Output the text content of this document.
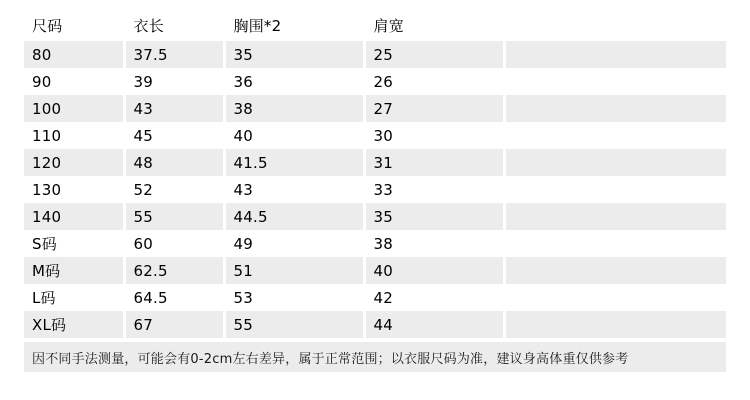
尺码	衣长	胸围*2	肩宽	
80	37.5	35	25	
90	39	36	26	
100	43	38	27	
110	45	40	30	
120	48	41.5	31	
130	52	43	33	
140	55	44.5	35	
S码	60	49	38	
M码	62.5	51	40	
L码	64.5	53	42	
XL码	67	55	44	
因不同手法测量，可能会有0-2cm左右差异，属于正常范围；以衣服尺码为准，建议身高体重仅供参考
